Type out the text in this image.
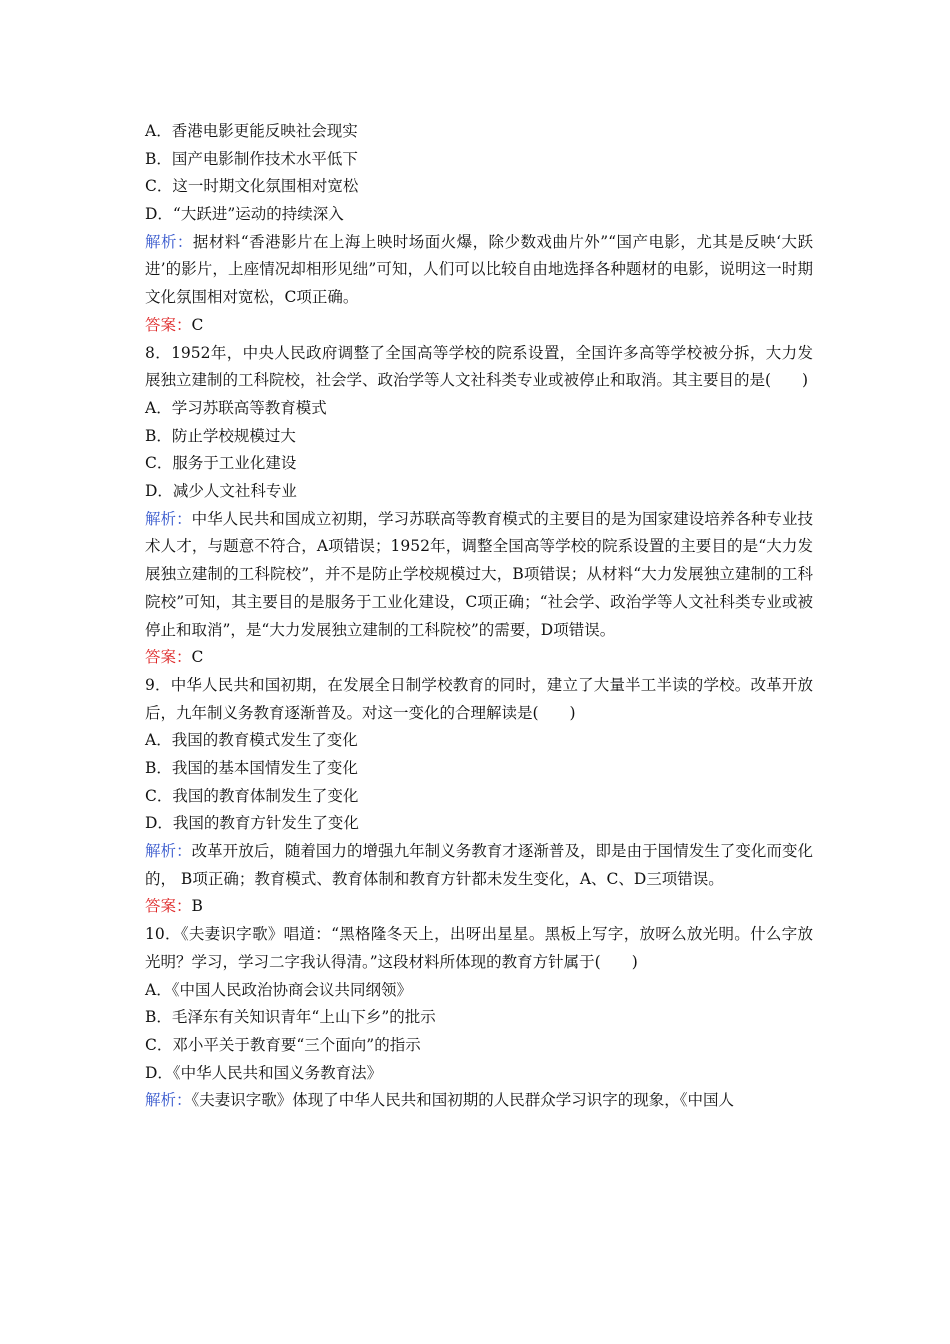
A．香港电影更能反映社会现实
B．国产电影制作技术水平低下
C．这一时期文化氛围相对宽松
D．“大跃进”运动的持续深入
解析：据材料“香港影片在上海上映时场面火爆，除少数戏曲片外”“国产电影，尤其是反映‘大跃进’的影片，上座情况却相形见绌”可知，人们可以比较自由地选择各种题材的电影，说明这一时期文化氛围相对宽松，C项正确。
答案：C
8．1952年，中央人民政府调整了全国高等学校的院系设置，全国许多高等学校被分拆，大力发展独立建制的工科院校，社会学、政治学等人文社科类专业或被停止和取消。其主要目的是(　　)
A．学习苏联高等教育模式
B．防止学校规模过大
C．服务于工业化建设
D．减少人文社科专业
解析：中华人民共和国成立初期，学习苏联高等教育模式的主要目的是为国家建设培养各种专业技术人才，与题意不符合，A项错误；1952年，调整全国高等学校的院系设置的主要目的是“大力发展独立建制的工科院校”，并不是防止学校规模过大，B项错误；从材料“大力发展独立建制的工科院校”可知，其主要目的是服务于工业化建设，C项正确；“社会学、政治学等人文社科类专业或被停止和取消”，是“大力发展独立建制的工科院校”的需要，D项错误。
答案：C
9．中华人民共和国初期，在发展全日制学校教育的同时，建立了大量半工半读的学校。改革开放后，九年制义务教育逐渐普及。对这一变化的合理解读是(　　)
A．我国的教育模式发生了变化
B．我国的基本国情发生了变化
C．我国的教育体制发生了变化
D．我国的教育方针发生了变化
解析：改革开放后，随着国力的增强九年制义务教育才逐渐普及，即是由于国情发生了变化而变化的， B项正确；教育模式、教育体制和教育方针都未发生变化，A、C、D三项错误。
答案：B
10．《夫妻识字歌》唱道：“黑格隆冬天上，出呀出星星。黑板上写字，放呀么放光明。什么字放光明？学习，学习二字我认得清。”这段材料所体现的教育方针属于(　　)
A．《中国人民政治协商会议共同纲领》
B．毛泽东有关知识青年“上山下乡”的批示
C．邓小平关于教育要“三个面向”的指示
D．《中华人民共和国义务教育法》
解析：《夫妻识字歌》体现了中华人民共和国初期的人民群众学习识字的现象，《中国人
